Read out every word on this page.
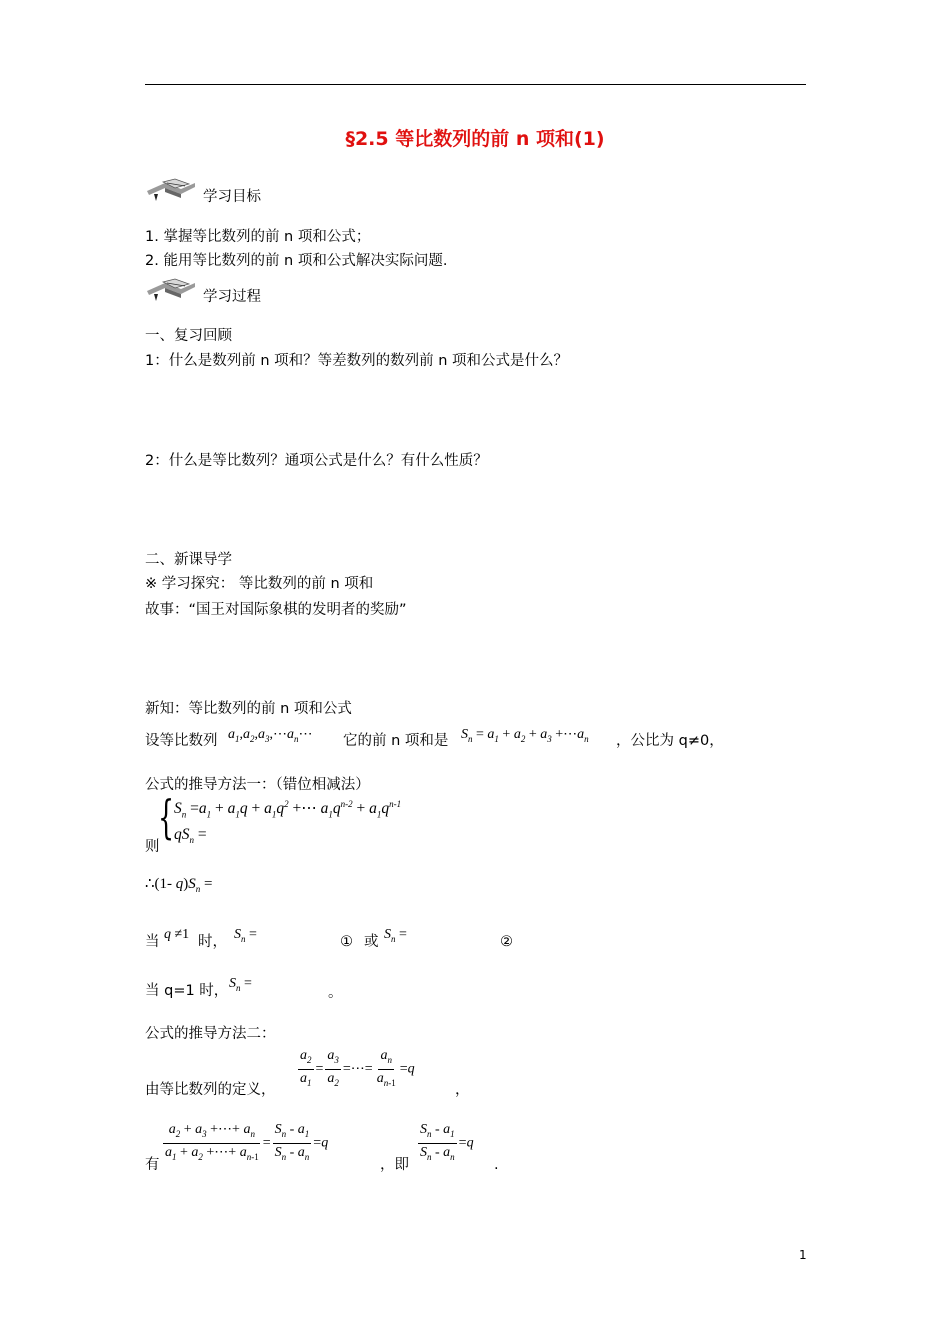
§2.5 等比数列的前 n 项和(1)
学习目标
1. 掌握等比数列的前 n 项和公式；
2. 能用等比数列的前 n 项和公式解决实际问题.
学习过程
一、复习回顾
1：什么是数列前 n 项和？等差数列的数列前 n 项和公式是什么？
2：什么是等比数列？通项公式是什么？有什么性质？
二、新课导学
※ 学习探究： 等比数列的前 n 项和
故事：“国王对国际象棋的发明者的奖励”
新知：等比数列的前 n 项和公式
设等比数列 $a_1,a_2,a_3,\cdots a_n\cdots$ 它的前 n 项和是 $S_n = a_1 + a_2 + a_3$ $+\cdots a_n$ ，公比为 q≠0，
公式的推导方法一：（错位相减法）
{ $S_n =a_1 + a_1q + a_1q^2$ +⋯ $a_1q^{n-2} + a_1q^{n-1}$
$qS_n$ =
则
∴(1- $q)S_n$ =
当 q ≠1 时， $S_n$ =	① 或 $S_n$ =	②
当 q=1 时， $S_n$ =
。
公式的推导方法二：
由等比数列的定义， $\frac{a_2}{a_1} = \frac{a_3}{a_2}$ =⋯= $\frac{a_n}{a_{n-1}} =q$
，
有
$\frac{a_2 + a_3 +\cdots+ a_n}{a_1 + a_2 +\cdots+ a_{n-1}} = \frac{S_n - a_1}{S_n - a_n} =q$
，即
$\frac{S_n - a_1}{S_n - a_n} =q$
.
1
